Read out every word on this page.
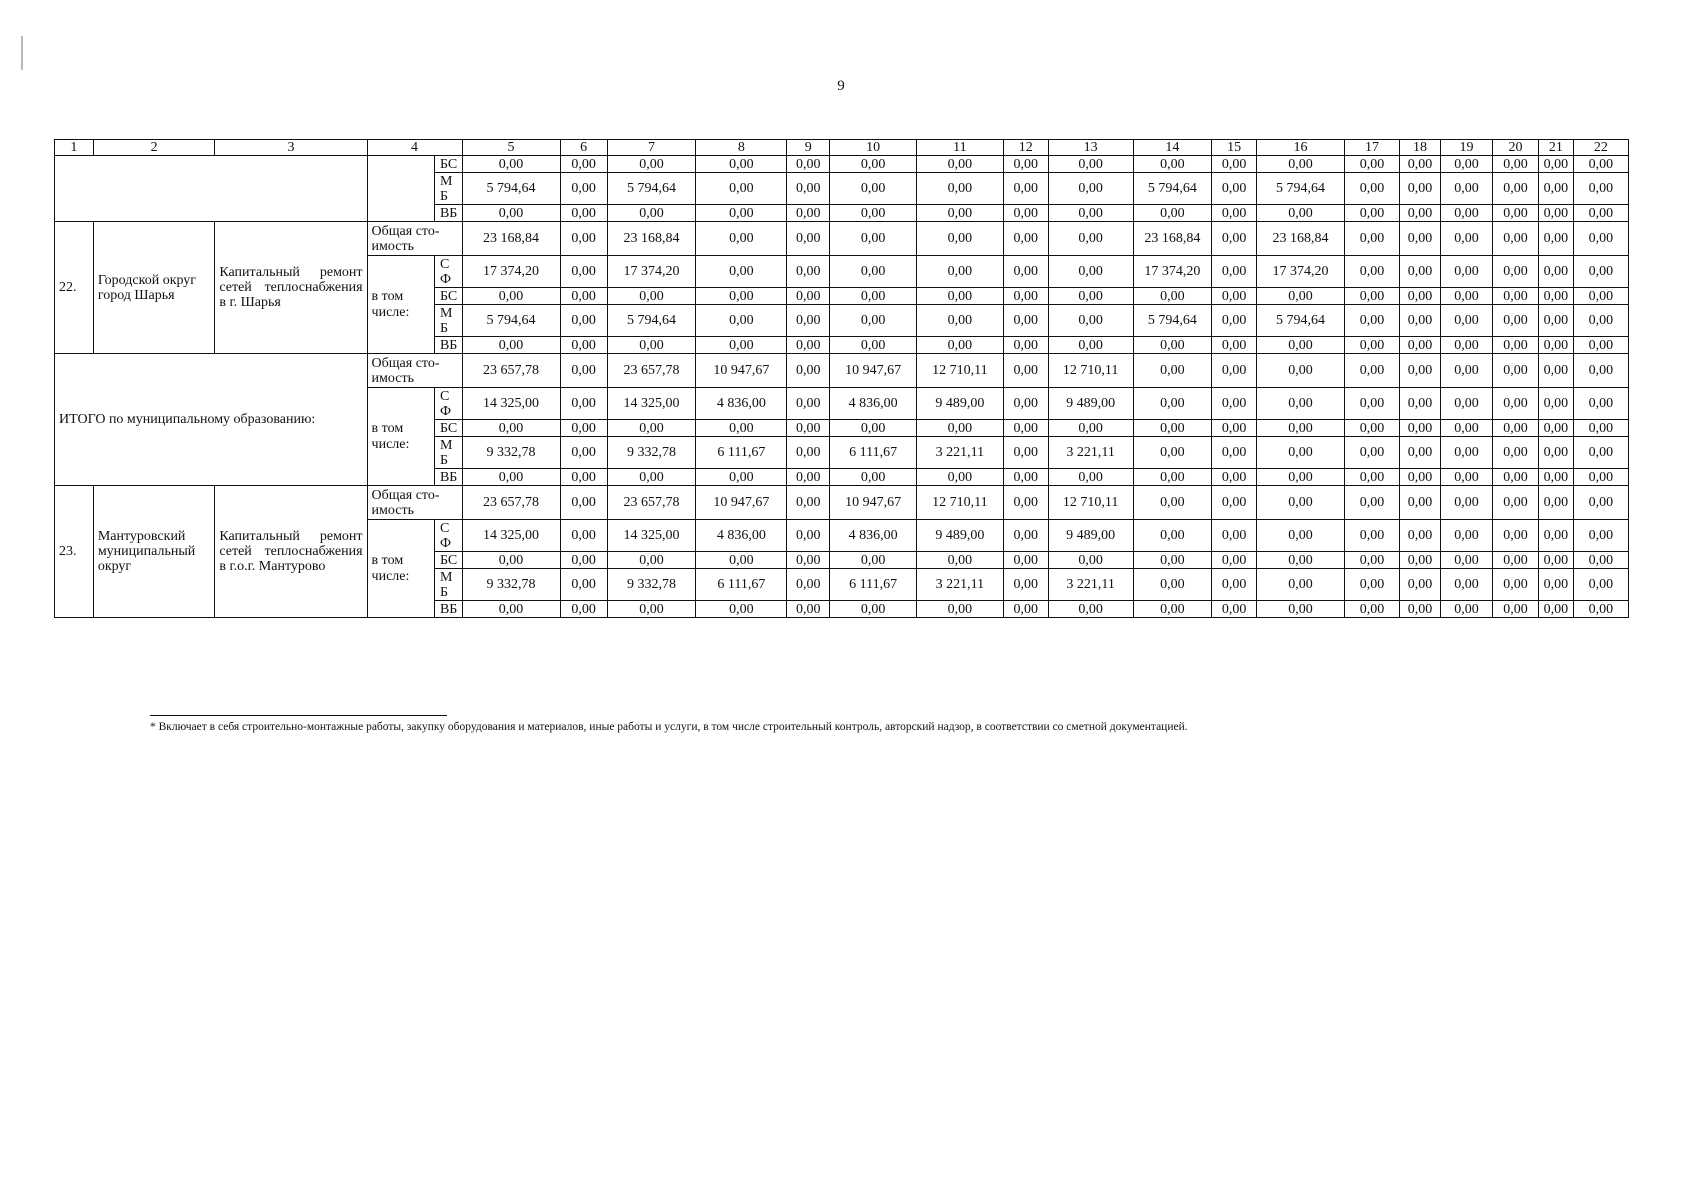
9
1	2	3	4		5	6	7	8	9	10	11	12	13	14	15	16	17	18	19	20	21	22
				БС	0,00	0,00	0,00	0,00	0,00	0,00	0,00	0,00	0,00	0,00	0,00	0,00	0,00	0,00	0,00	0,00	0,00	0,00
				МБ	5 794,64	0,00	5 794,64	0,00	0,00	0,00	0,00	0,00	0,00	5 794,64	0,00	5 794,64	0,00	0,00	0,00	0,00	0,00	0,00
				ВБ	0,00	0,00	0,00	0,00	0,00	0,00	0,00	0,00	0,00	0,00	0,00	0,00	0,00	0,00	0,00	0,00	0,00	0,00
22.	Городской округ город Шарья	Капитальный ремонт сетей теплоснабжения в г. Шарья	Общая сто-имость		23 168,84	0,00	23 168,84	0,00	0,00	0,00	0,00	0,00	0,00	23 168,84	0,00	23 168,84	0,00	0,00	0,00	0,00	0,00	0,00
			в том числе:	СФ	17 374,20	0,00	17 374,20	0,00	0,00	0,00	0,00	0,00	0,00	17 374,20	0,00	17 374,20	0,00	0,00	0,00	0,00	0,00	0,00
				БС	0,00	0,00	0,00	0,00	0,00	0,00	0,00	0,00	0,00	0,00	0,00	0,00	0,00	0,00	0,00	0,00	0,00	0,00
				МБ	5 794,64	0,00	5 794,64	0,00	0,00	0,00	0,00	0,00	0,00	5 794,64	0,00	5 794,64	0,00	0,00	0,00	0,00	0,00	0,00
				ВБ	0,00	0,00	0,00	0,00	0,00	0,00	0,00	0,00	0,00	0,00	0,00	0,00	0,00	0,00	0,00	0,00	0,00	0,00
ИТОГО по муниципальному образованию:			Общая сто-имость		23 657,78	0,00	23 657,78	10 947,67	0,00	10 947,67	12 710,11	0,00	12 710,11	0,00	0,00	0,00	0,00	0,00	0,00	0,00	0,00	0,00
			в том числе:	СФ	14 325,00	0,00	14 325,00	4 836,00	0,00	4 836,00	9 489,00	0,00	9 489,00	0,00	0,00	0,00	0,00	0,00	0,00	0,00	0,00	0,00
				БС	0,00	0,00	0,00	0,00	0,00	0,00	0,00	0,00	0,00	0,00	0,00	0,00	0,00	0,00	0,00	0,00	0,00	0,00
				МБ	9 332,78	0,00	9 332,78	6 111,67	0,00	6 111,67	3 221,11	0,00	3 221,11	0,00	0,00	0,00	0,00	0,00	0,00	0,00	0,00	0,00
				ВБ	0,00	0,00	0,00	0,00	0,00	0,00	0,00	0,00	0,00	0,00	0,00	0,00	0,00	0,00	0,00	0,00	0,00	0,00
23.	Мантуровский муниципальный округ	Капитальный ремонт сетей теплоснабжения в г.о.г. Мантурово	Общая сто-имость		23 657,78	0,00	23 657,78	10 947,67	0,00	10 947,67	12 710,11	0,00	12 710,11	0,00	0,00	0,00	0,00	0,00	0,00	0,00	0,00	0,00
			в том числе:	СФ	14 325,00	0,00	14 325,00	4 836,00	0,00	4 836,00	9 489,00	0,00	9 489,00	0,00	0,00	0,00	0,00	0,00	0,00	0,00	0,00	0,00
				БС	0,00	0,00	0,00	0,00	0,00	0,00	0,00	0,00	0,00	0,00	0,00	0,00	0,00	0,00	0,00	0,00	0,00	0,00
				МБ	9 332,78	0,00	9 332,78	6 111,67	0,00	6 111,67	3 221,11	0,00	3 221,11	0,00	0,00	0,00	0,00	0,00	0,00	0,00	0,00	0,00
				ВБ	0,00	0,00	0,00	0,00	0,00	0,00	0,00	0,00	0,00	0,00	0,00	0,00	0,00	0,00	0,00	0,00	0,00	0,00
* Включает в себя строительно-монтажные работы, закупку оборудования и материалов, иные работы и услуги, в том числе строительный контроль, авторский надзор, в соответствии со сметной документацией.
